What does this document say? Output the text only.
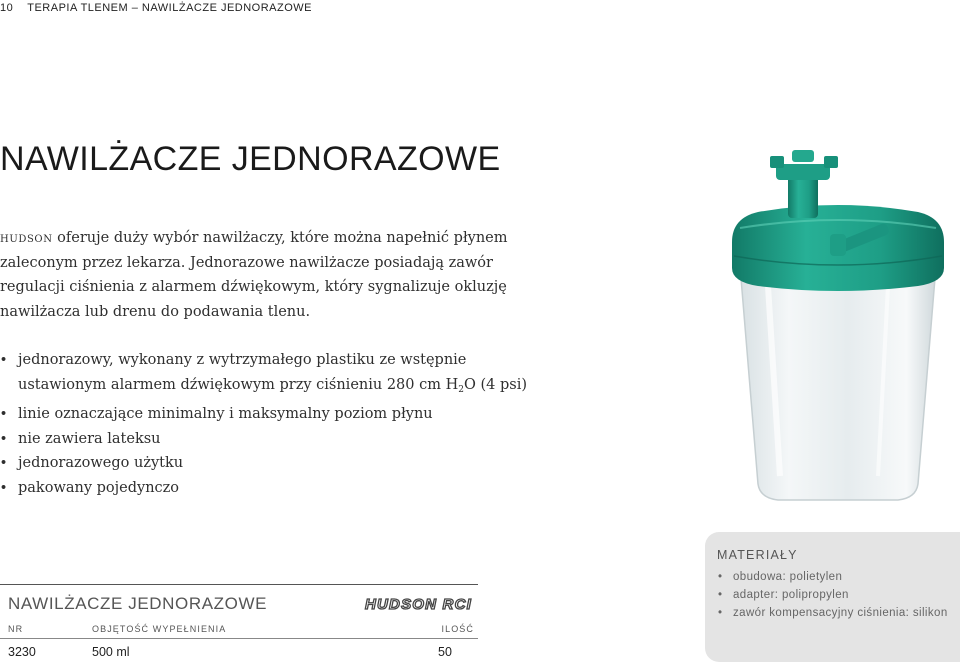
10 TERAPIA TLENEM – NAWILŻACZE JEDNORAZOWE
NAWILŻACZE JEDNORAZOWE

hudson oferuje duży wybór nawilżaczy, które można napełnić płynem zaleconym przez lekarza. Jednorazowe nawilżacze posiadają zawór regulacji ciśnienia z alarmem dźwiękowym, który sygnalizuje okluzję nawilżacza lub drenu do podawania tlenu.

• jednorazowy, wykonany z wytrzymałego plastiku ze wstępnie ustawionym alarmem dźwiękowym przy ciśnieniu 280 cm $H_2O$ (4 psi)
• linie oznaczające minimalny i maksymalny poziom płynu
• nie zawiera lateksu
• jednorazowego użytku
• pakowany pojedynczo
NAWILŻACZE JEDNORAZOWE	HUDSON RCI
NR	OBJĘTOŚĆ WYPEŁNIENIA	ILOŚĆ
3230	500 ml	50
MATERIAŁY
• obudowa: polietylen
• adapter: polipropylen
• zawór kompensacyjny ciśnienia: silikon
